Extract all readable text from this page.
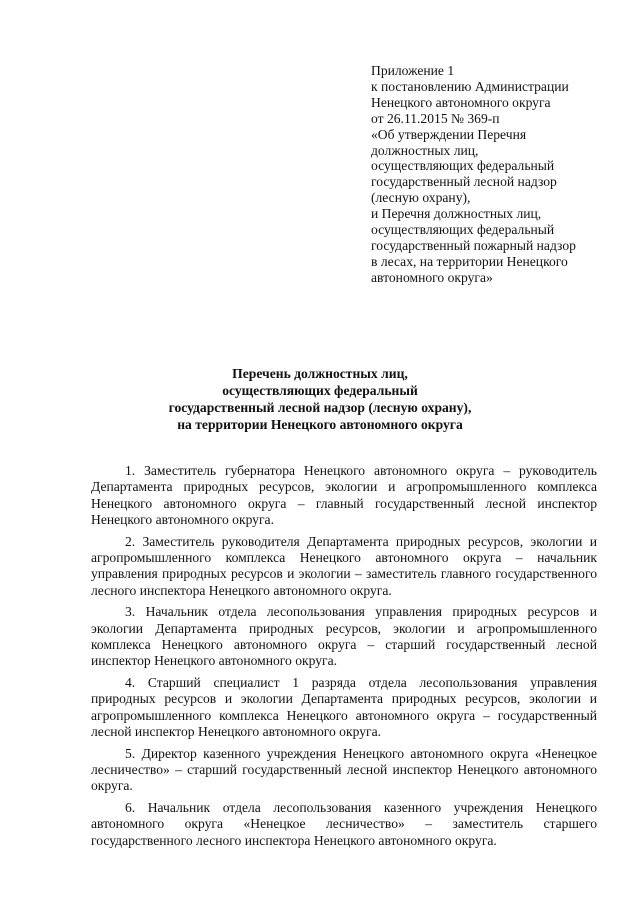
Приложение 1
к постановлению Администрации
Ненецкого автономного округа
от 26.11.2015 № 369-п
«Об утверждении Перечня
должностных лиц,
осуществляющих федеральный
государственный лесной надзор
(лесную охрану),
и Перечня должностных лиц,
осуществляющих федеральный
государственный пожарный надзор
в лесах, на территории Ненецкого
автономного округа»
Перечень должностных лиц,
осуществляющих федеральный
государственный лесной надзор (лесную охрану),
на территории Ненецкого автономного округа

1. Заместитель губернатора Ненецкого автономного округа – руководитель Департамента природных ресурсов, экологии и агропромышленного комплекса Ненецкого автономного округа – главный государственный лесной инспектор Ненецкого автономного округа.

2. Заместитель руководителя Департамента природных ресурсов, экологии и агропромышленного комплекса Ненецкого автономного округа – начальник управления природных ресурсов и экологии – заместитель главного государственного лесного инспектора Ненецкого автономного округа.

3. Начальник отдела лесопользования управления природных ресурсов и экологии Департамента природных ресурсов, экологии и агропромышленного комплекса Ненецкого автономного округа – старший государственный лесной инспектор Ненецкого автономного округа.

4. Старший специалист 1 разряда отдела лесопользования управления природных ресурсов и экологии Департамента природных ресурсов, экологии и агропромышленного комплекса Ненецкого автономного округа – государственный лесной инспектор Ненецкого автономного округа.

5. Директор казенного учреждения Ненецкого автономного округа «Ненецкое лесничество» – старший государственный лесной инспектор Ненецкого автономного округа.

6. Начальник отдела лесопользования казенного учреждения Ненецкого автономного округа «Ненецкое лесничество» – заместитель старшего государственного лесного инспектора Ненецкого автономного округа.
